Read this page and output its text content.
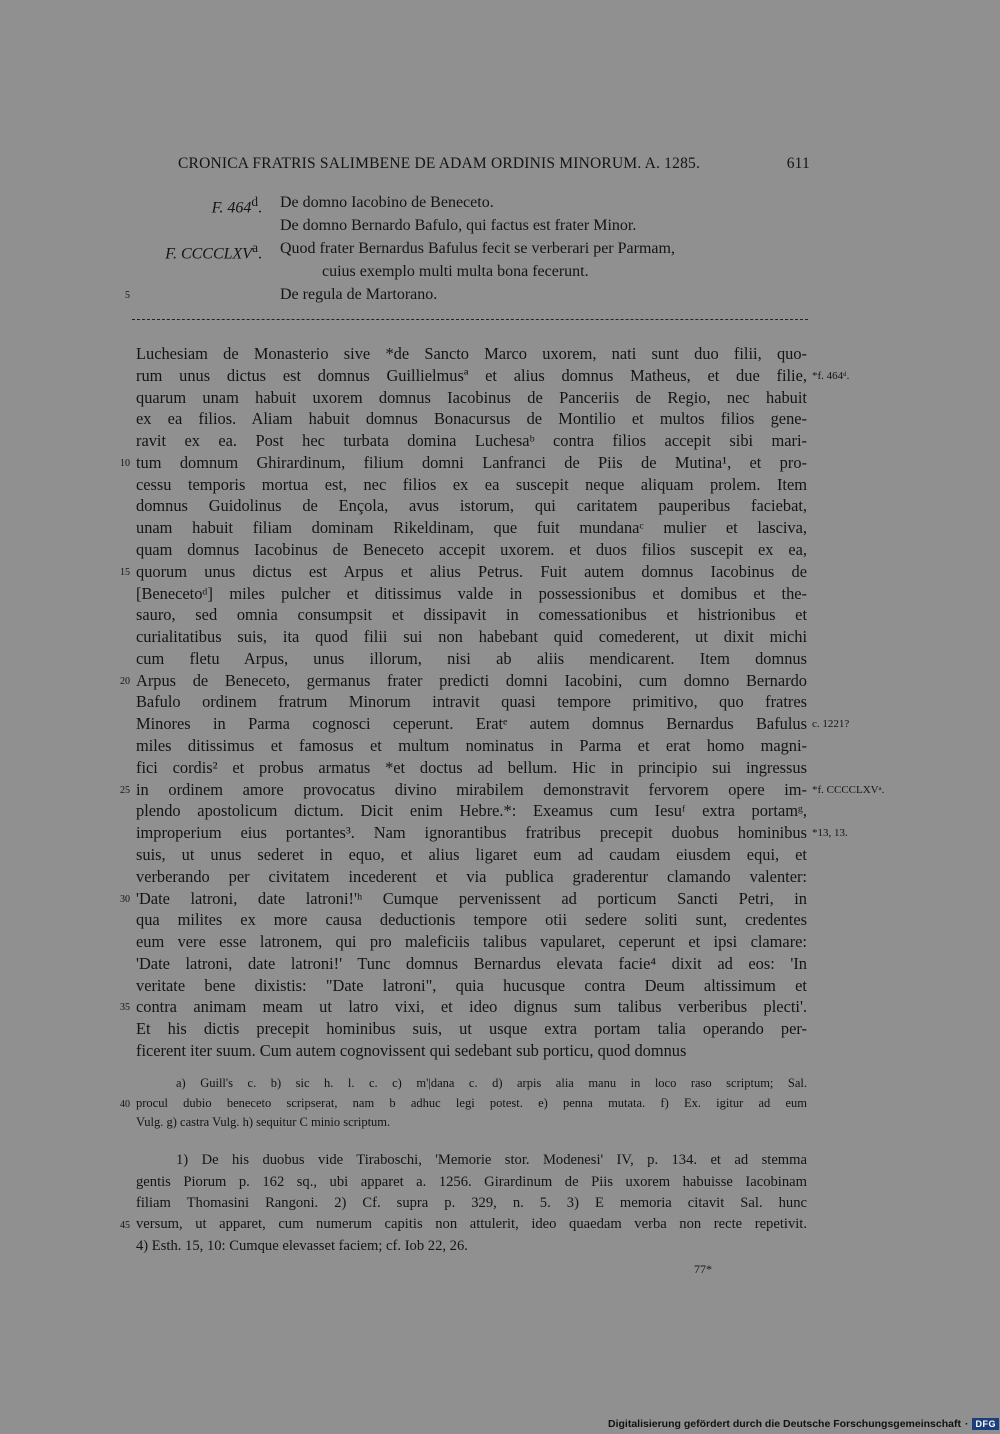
CRONICA FRATRIS SALIMBENE DE ADAM ORDINIS MINORUM. A. 1285.	611
F. 464$^d$. De domno Iacobino de Beneceto.
De domno Bernardo Bafulo, qui factus est frater Minor.
F. CCCCLXV$^a$. Quod frater Bernardus Bafulus fecit se verberari per Parmam,
cuius exemplo multi multa bona fecerunt.
De regula de Martorano.
5
Luchesiam de Monasterio sive *de Sancto Marco uxorem, nati sunt duo filii, quo-
rum unus dictus est domnus Guillielmusª et alius domnus Matheus, et due filie,
quarum unam habuit uxorem domnus Iacobinus de Panceriis de Regio, nec habuit
ex ea filios. Aliam habuit domnus Bonacursus de Montilio et multos filios gene-
ravit ex ea. Post hec turbata domina Luchesaᵇ contra filios accepit sibi mari-
tum domnum Ghirardinum, filium domni Lanfranci de Piis de Mutina¹, et pro-
cessu temporis mortua est, nec filios ex ea suscepit neque aliquam prolem. Item
domnus Guidolinus de Ençola, avus istorum, qui caritatem pauperibus faciebat,
unam habuit filiam dominam Rikeldinam, que fuit mundanaᶜ mulier et lasciva,
quam domnus Iacobinus de Beneceto accepit uxorem. et duos filios suscepit ex ea,
quorum unus dictus est Arpus et alius Petrus. Fuit autem domnus Iacobinus de
[Benecetoᵈ] miles pulcher et ditissimus valde in possessionibus et domibus et the-
sauro, sed omnia consumpsit et dissipavit in comessationibus et histrionibus et
curialitatibus suis, ita quod filii sui non habebant quid comederent, ut dixit michi
cum fletu Arpus, unus illorum, nisi ab aliis mendicarent. Item domnus
Arpus de Beneceto, germanus frater predicti domni Iacobini, cum domno Bernardo
Bafulo ordinem fratrum Minorum intravit quasi tempore primitivo, quo fratres
Minores in Parma cognosci ceperunt. Eratᵉ autem domnus Bernardus Bafulus
miles ditissimus et famosus et multum nominatus in Parma et erat homo magni-
fici cordis² et probus armatus *et doctus ad bellum. Hic in principio sui ingressus
in ordinem amore provocatus divino mirabilem demonstravit fervorem opere im-
plendo apostolicum dictum. Dicit enim Hebre.*: Exeamus cum Iesuᶠ extra portamᵍ,
improperium eius portantes³. Nam ignorantibus fratribus precepit duobus hominibus
suis, ut unus sederet in equo, et alius ligaret eum ad caudam eiusdem equi, et
verberando per civitatem incederent et via publica graderentur clamando valenter:
'Date latroni, date latroni!'ʰ Cumque pervenissent ad porticum Sancti Petri, in
qua milites ex more causa deductionis tempore otii sedere soliti sunt, credentes
eum vere esse latronem, qui pro maleficiis talibus vapularet, ceperunt et ipsi clamare:
'Date latroni, date latroni!' Tunc domnus Bernardus elevata facie⁴ dixit ad eos: 'In
veritate bene dixistis: "Date latroni", quia hucusque contra Deum altissimum et
contra animam meam ut latro vixi, et ideo dignus sum talibus verberibus plecti'.
Et his dictis precepit hominibus suis, ut usque extra portam talia operando per-
ficerent iter suum. Cum autem cognovissent qui sedebant sub porticu, quod domnus
10
15
20
25
30
35
*f. 464ᵈ.
c. 1221?
*f. CCCCLXVᵃ.
*13, 13.
a) Guill's c. b) sic h. l. c. c) m'|dana c. d) arpis alia manu in loco raso scriptum; Sal.
procul dubio beneceto scripserat, nam b adhuc legi potest. e) penna mutata. f) Ex. igitur ad eum
Vulg. g) castra Vulg. h) sequitur C minio scriptum.
40
1) De his duobus vide Tiraboschi, 'Memorie stor. Modenesi' IV, p. 134. et ad stemma
gentis Piorum p. 162 sq., ubi apparet a. 1256. Girardinum de Piis uxorem habuisse Iacobinam
filiam Thomasini Rangoni. 2) Cf. supra p. 329, n. 5. 3) E memoria citavit Sal. hunc
versum, ut apparet, cum numerum capitis non attulerit, ideo quaedam verba non recte repetivit.
4) Esth. 15, 10: Cumque elevasset faciem; cf. Iob 22, 26.
45
77*
Digitalisierung gefördert durch die Deutsche Forschungsgemeinschaft · DFG
